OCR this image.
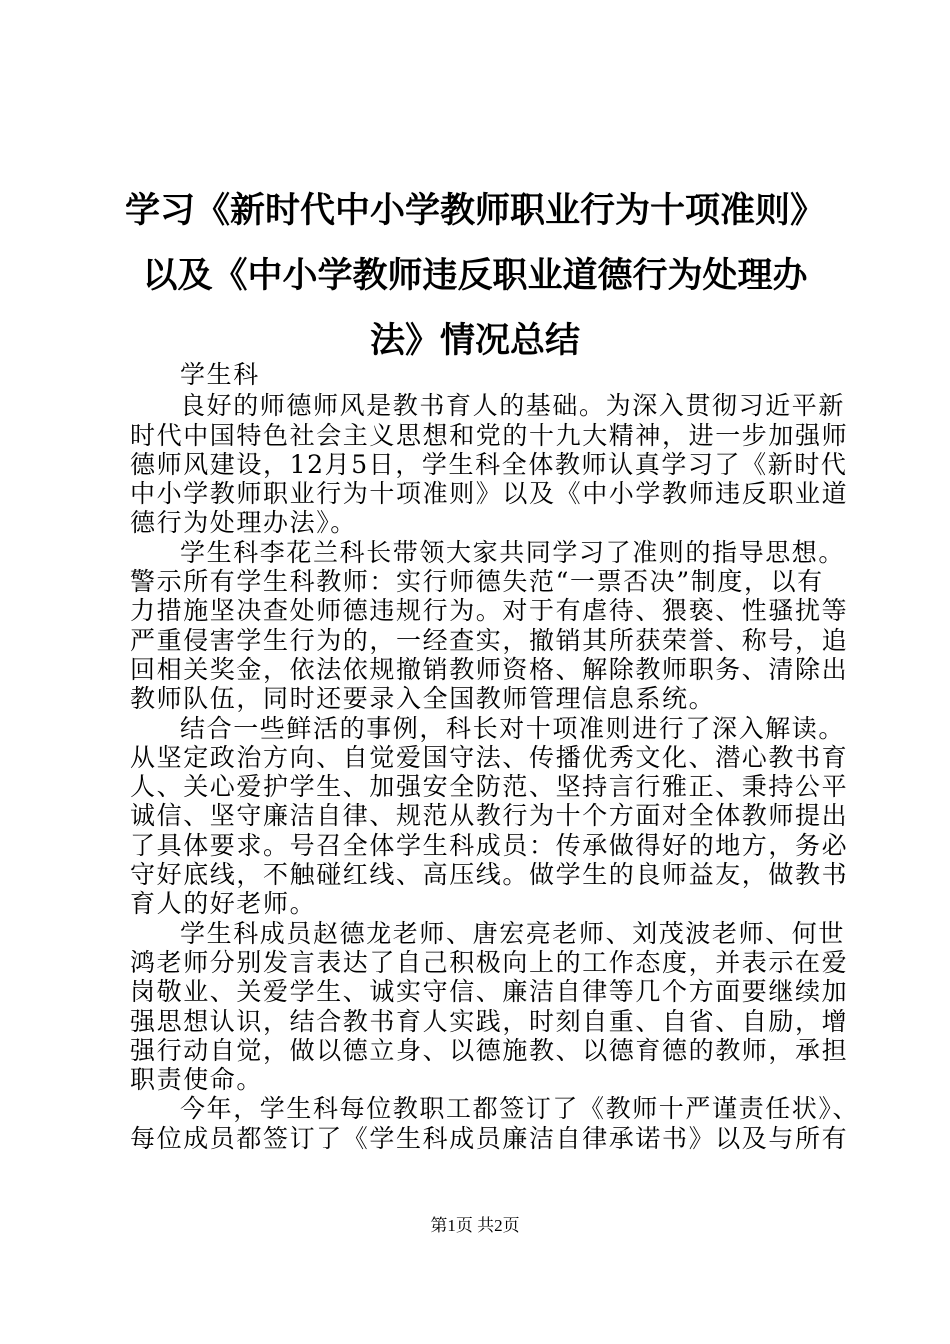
学习《新时代中小学教师职业行为十项准则》
以及《中小学教师违反职业道德行为处理办
法》情况总结
学生科

良好的师德师风是教书育人的基础。为深入贯彻习近平新
时代中国特色社会主义思想和党的十九大精神，进一步加强师
德师风建设，12月5日，学生科全体教师认真学习了《新时代
中小学教师职业行为十项准则》以及《中小学教师违反职业道
德行为处理办法》。

学生科李花兰科长带领大家共同学习了准则的指导思想。
警示所有学生科教师：实行师德失范“一票否决”制度，以有
力措施坚决查处师德违规行为。对于有虐待、猥亵、性骚扰等
严重侵害学生行为的，一经查实，撤销其所获荣誉、称号，追
回相关奖金，依法依规撤销教师资格、解除教师职务、清除出
教师队伍，同时还要录入全国教师管理信息系统。

结合一些鲜活的事例，科长对十项准则进行了深入解读。
从坚定政治方向、自觉爱国守法、传播优秀文化、潜心教书育
人、关心爱护学生、加强安全防范、坚持言行雅正、秉持公平
诚信、坚守廉洁自律、规范从教行为十个方面对全体教师提出
了具体要求。号召全体学生科成员：传承做得好的地方，务必
守好底线，不触碰红线、高压线。做学生的良师益友，做教书
育人的好老师。

学生科成员赵德龙老师、唐宏亮老师、刘茂波老师、何世
鸿老师分别发言表达了自己积极向上的工作态度，并表示在爱
岗敬业、关爱学生、诚实守信、廉洁自律等几个方面要继续加
强思想认识，结合教书育人实践，时刻自重、自省、自励，增
强行动自觉，做以德立身、以德施教、以德育德的教师，承担
职责使命。

今年，学生科每位教职工都签订了《教师十严谨责任状》、
每位成员都签订了《学生科成员廉洁自律承诺书》以及与所有

第1页 共2页
